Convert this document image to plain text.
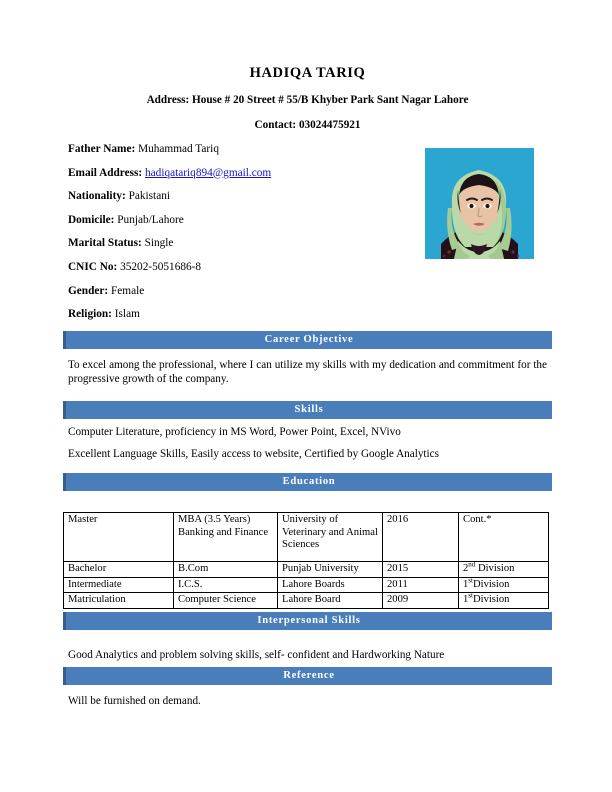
HADIQA TARIQ
Address: House # 20 Street # 55/B Khyber Park Sant Nagar Lahore
Contact: 03024475921
Father Name: Muhammad Tariq
Email Address: hadiqatariq894@gmail.com
Nationality: Pakistani
Domicile: Punjab/Lahore
Marital Status: Single
CNIC No: 35202-5051686-8
Gender: Female
Religion: Islam
Career Objective
To excel among the professional, where I can utilize my skills with my dedication and commitment for the progressive growth of the company.
Skills
Computer Literature, proficiency in MS Word, Power Point, Excel, NVivo
Excellent Language Skills, Easily access to website, Certified by Google Analytics
Education
Master	MBA (3.5 Years) Banking and Finance	University of Veterinary and Animal Sciences	2016	Cont.*
Bachelor	B.Com	Punjab University	2015	2nd Division
Intermediate	I.C.S.	Lahore Boards	2011	1stDivision
Matriculation	Computer Science	Lahore Board	2009	1stDivision
Interpersonal Skills
Good Analytics and problem solving skills, self- confident and Hardworking Nature
Reference
Will be furnished on demand.
